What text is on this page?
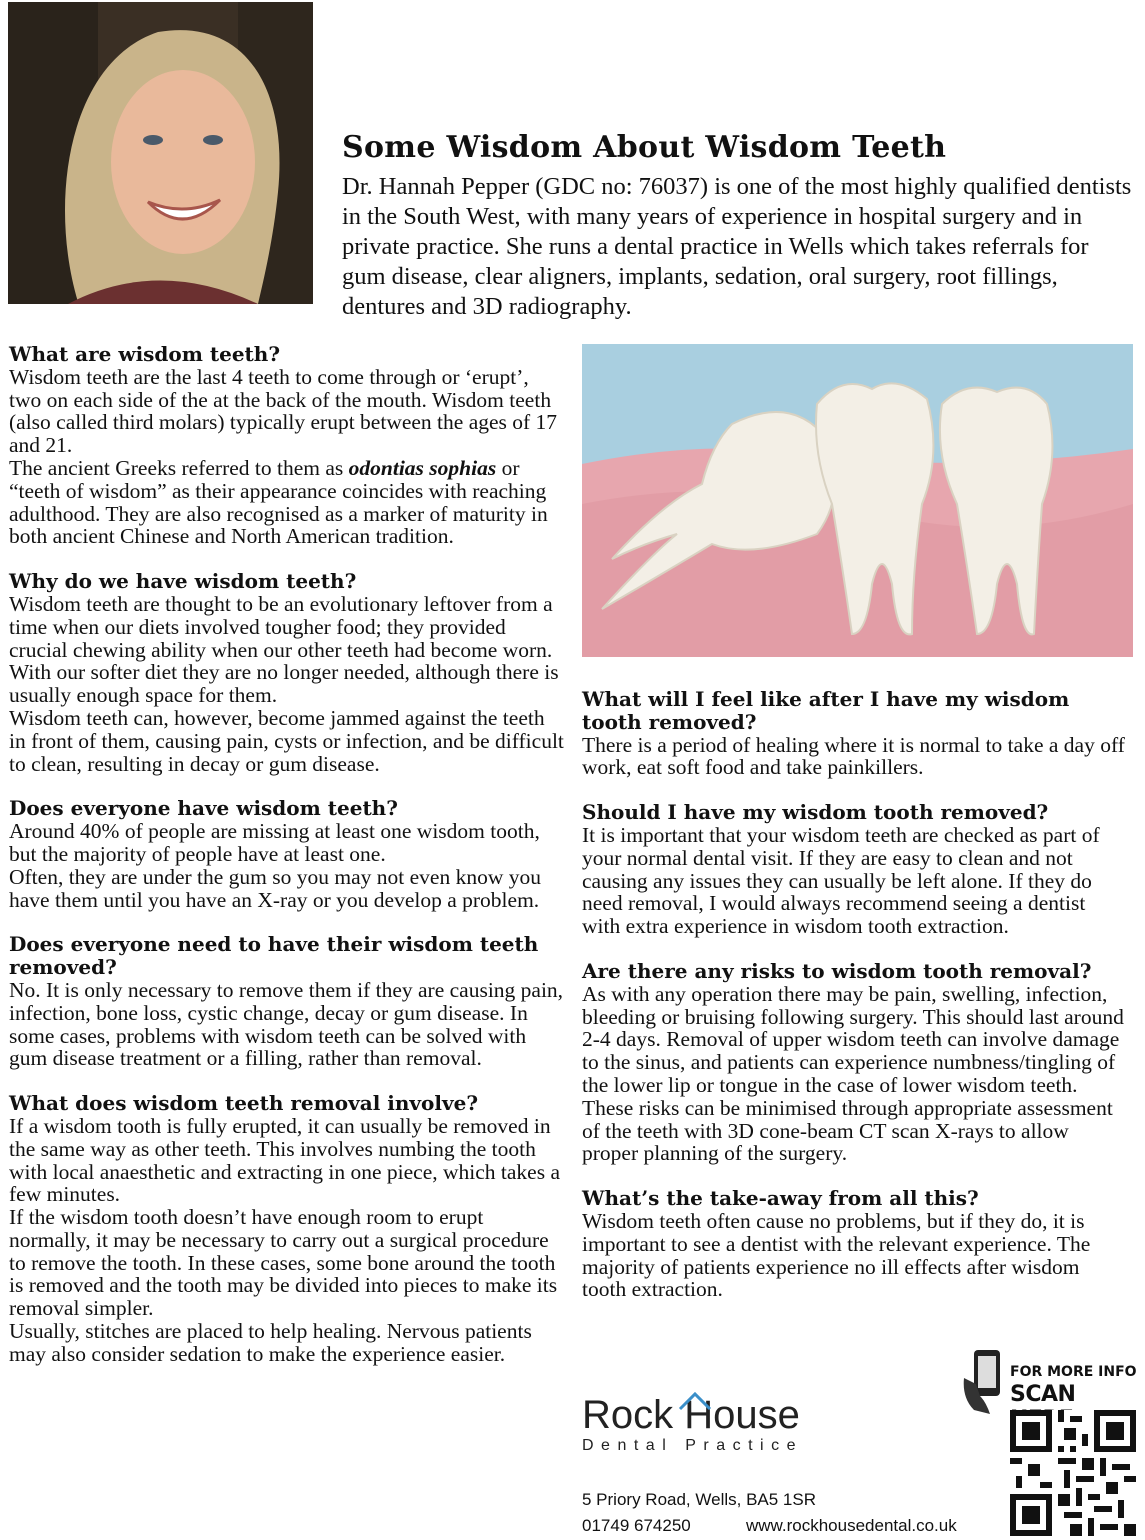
Some Wisdom About Wisdom Teeth
Dr. Hannah Pepper (GDC no: 76037) is one of the most highly qualified dentists in the South West, with many years of experience in hospital surgery and in private practice. She runs a dental practice in Wells which takes referrals for gum disease, clear aligners, implants, sedation, oral surgery, root fillings, dentures and 3D radiography.
What are wisdom teeth?

Wisdom teeth are the last 4 teeth to come through or ‘erupt’, two on each side of the at the back of the mouth. Wisdom teeth (also called third molars) typically erupt between the ages of 17 and 21.

The ancient Greeks referred to them as odontias sophias or “teeth of wisdom” as their appearance coincides with reaching adulthood. They are also recognised as a marker of maturity in both ancient Chinese and North American tradition.

Why do we have wisdom teeth?

Wisdom teeth are thought to be an evolutionary leftover from a time when our diets involved tougher food; they provided crucial chewing ability when our other teeth had become worn.

With our softer diet they are no longer needed, although there is usually enough space for them.

Wisdom teeth can, however, become jammed against the teeth in front of them, causing pain, cysts or infection, and be difficult to clean, resulting in decay or gum disease.

Does everyone have wisdom teeth?

Around 40% of people are missing at least one wisdom tooth, but the majority of people have at least one.

Often, they are under the gum so you may not even know you have them until you have an X-ray or you develop a problem.

Does everyone need to have their wisdom teeth removed?

No. It is only necessary to remove them if they are causing pain, infection, bone loss, cystic change, decay or gum disease. In some cases, problems with wisdom teeth can be solved with gum disease treatment or a filling, rather than removal.

What does wisdom teeth removal involve?

If a wisdom tooth is fully erupted, it can usually be removed in the same way as other teeth. This involves numbing the tooth with local anaesthetic and extracting in one piece, which takes a few minutes.

If the wisdom tooth doesn’t have enough room to erupt normally, it may be necessary to carry out a surgical procedure to remove the tooth. In these cases, some bone around the tooth is removed and the tooth may be divided into pieces to make its removal simpler.

Usually, stitches are placed to help healing. Nervous patients may also consider sedation to make the experience easier.

What will I feel like after I have my wisdom tooth removed?

There is a period of healing where it is normal to take a day off work, eat soft food and take painkillers.

Should I have my wisdom tooth removed?

It is important that your wisdom teeth are checked as part of your normal dental visit. If they are easy to clean and not causing any issues they can usually be left alone. If they do need removal, I would always recommend seeing a dentist with extra experience in wisdom tooth extraction.

Are there any risks to wisdom tooth removal?

As with any operation there may be pain, swelling, infection, bleeding or bruising following surgery. This should last around 2-4 days. Removal of upper wisdom teeth can involve damage to the sinus, and patients can experience numbness/tingling of the lower lip or tongue in the case of lower wisdom teeth. These risks can be minimised through appropriate assessment of the teeth with 3D cone-beam CT scan X-rays to allow proper planning of the surgery.

What’s the take-away from all this?

Wisdom teeth often cause no problems, but if they do, it is important to see a dentist with the relevant experience. The majority of patients experience no ill effects after wisdom tooth extraction.

Rock House
Dental Practice
5 Priory Road, Wells, BA5 1SR
01749 674250	www.rockhousedental.co.uk
FOR MORE INFO
SCAN
